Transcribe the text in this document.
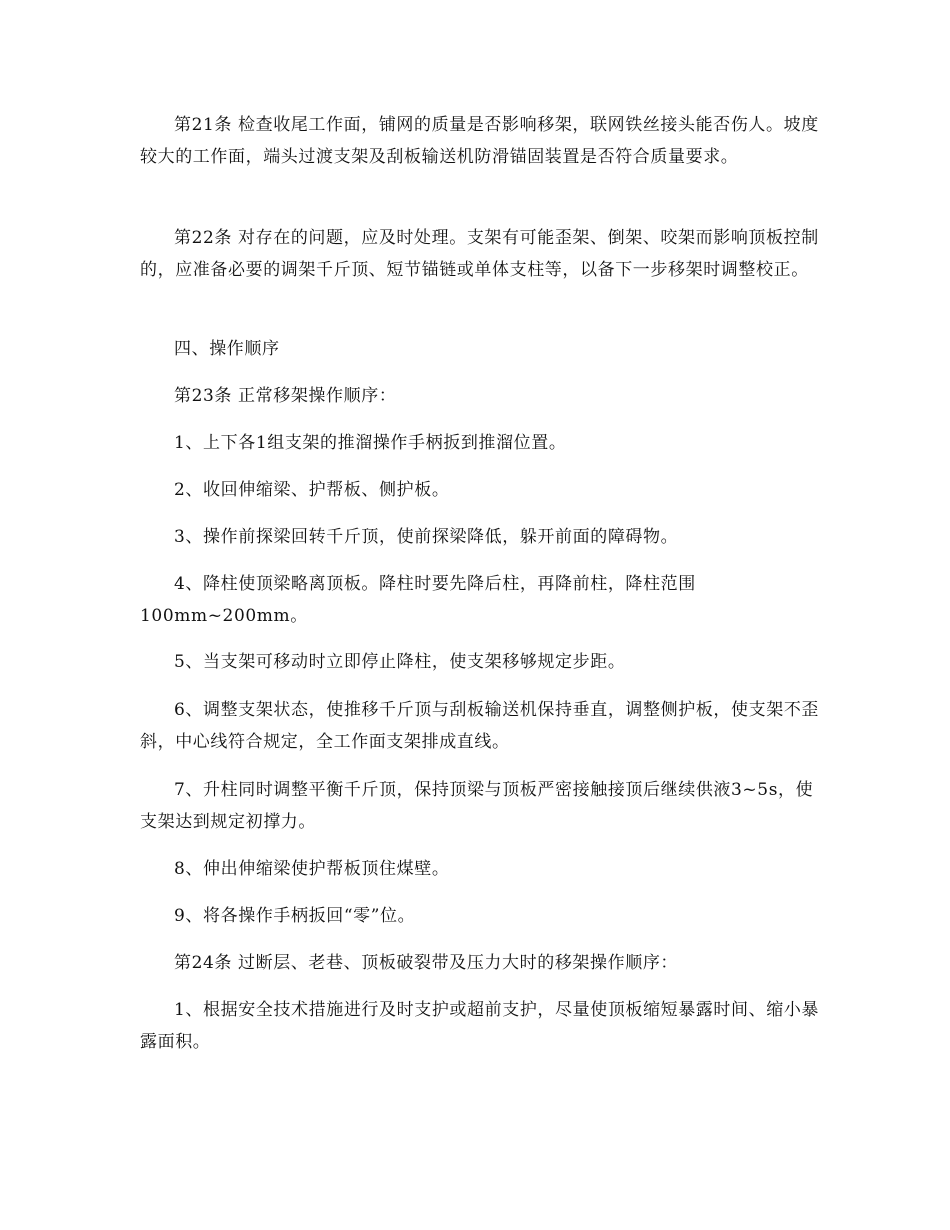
第21条 检查收尾工作面，铺网的质量是否影响移架，联网铁丝接头能否伤人。坡度较大的工作面，端头过渡支架及刮板输送机防滑锚固装置是否符合质量要求。

第22条 对存在的问题，应及时处理。支架有可能歪架、倒架、咬架而影响顶板控制的，应准备必要的调架千斤顶、短节锚链或单体支柱等，以备下一步移架时调整校正。

四、操作顺序

第23条 正常移架操作顺序：

1、上下各1组支架的推溜操作手柄扳到推溜位置。

2、收回伸缩梁、护帮板、侧护板。

3、操作前探梁回转千斤顶，使前探梁降低，躲开前面的障碍物。

4、降柱使顶梁略离顶板。降柱时要先降后柱，再降前柱，降柱范围100mm~200mm。

5、当支架可移动时立即停止降柱，使支架移够规定步距。

6、调整支架状态，使推移千斤顶与刮板输送机保持垂直，调整侧护板，使支架不歪斜，中心线符合规定，全工作面支架排成直线。

7、升柱同时调整平衡千斤顶，保持顶梁与顶板严密接触接顶后继续供液3~5s，使支架达到规定初撑力。

8、伸出伸缩梁使护帮板顶住煤壁。

9、将各操作手柄扳回“零”位。

第24条 过断层、老巷、顶板破裂带及压力大时的移架操作顺序：

1、根据安全技术措施进行及时支护或超前支护，尽量使顶板缩短暴露时间、缩小暴露面积。
